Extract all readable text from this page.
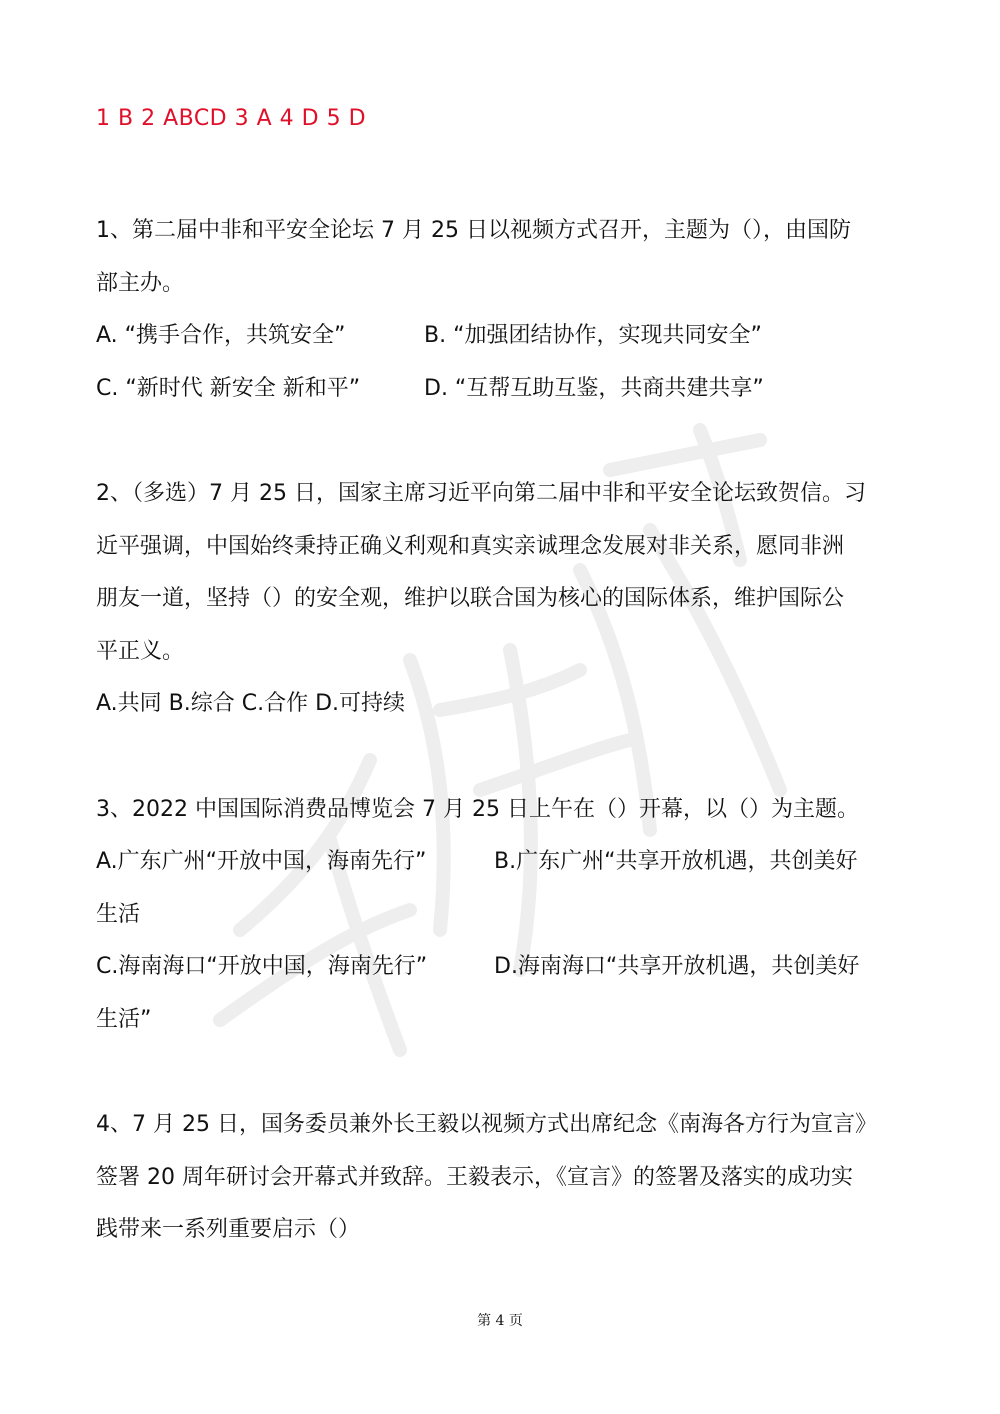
1 B 2 ABCD 3 A 4 D 5 D
1、第二届中非和平安全论坛 7 月 25 日以视频方式召开，主题为（），由国防
部主办。
A. “携手合作，共筑安全”	B. “加强团结协作，实现共同安全”
C. “新时代 新安全 新和平”	D. “互帮互助互鉴，共商共建共享”
2、（多选）7 月 25 日，国家主席习近平向第二届中非和平安全论坛致贺信。习
近平强调，中国始终秉持正确义利观和真实亲诚理念发展对非关系，愿同非洲
朋友一道，坚持（）的安全观，维护以联合国为核心的国际体系，维护国际公
平正义。
A.共同 B.综合 C.合作 D.可持续
3、2022 中国国际消费品博览会 7 月 25 日上午在（）开幕，以（）为主题。
A.广东广州“开放中国，海南先行”	B.广东广州“共享开放机遇，共创美好
生活
C.海南海口“开放中国，海南先行”	D.海南海口“共享开放机遇，共创美好
生活”
4、7 月 25 日，国务委员兼外长王毅以视频方式出席纪念《南海各方行为宣言》
签署 20 周年研讨会开幕式并致辞。王毅表示，《宣言》的签署及落实的成功实
践带来一系列重要启示（）
第 4 页
